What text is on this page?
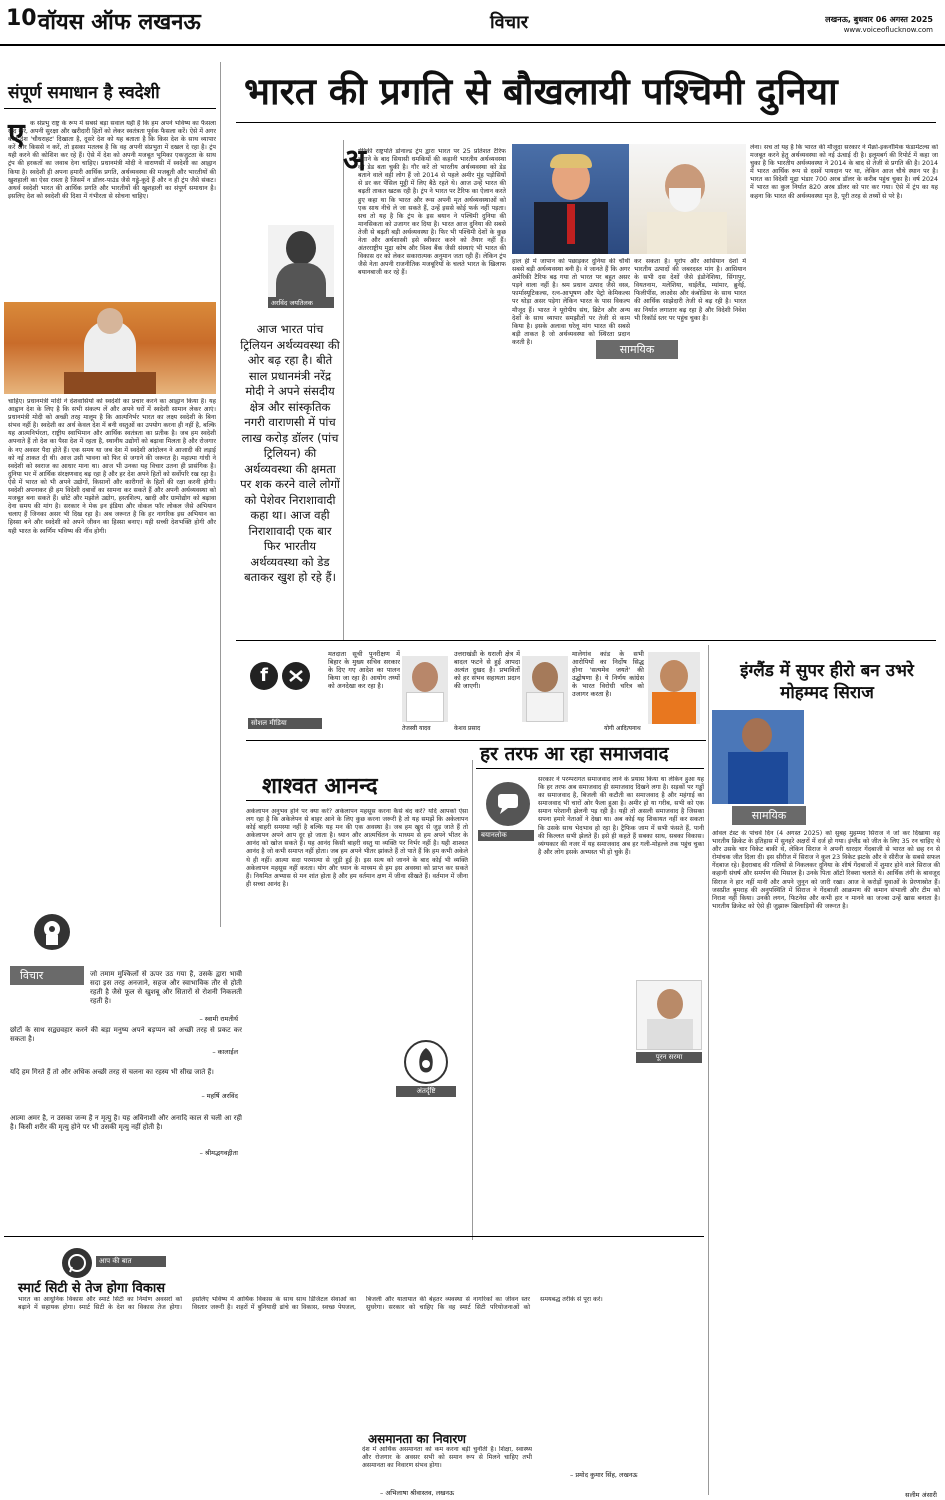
10 वॉयस ऑफ लखनऊ	विचार	लखनऊ, बुधवार 06 अगस्त 2025
www.voiceoflucknow.com
संपूर्ण समाधान है स्वदेशी
ए क संप्रभु राष्ट्र के रूप में सबसे बड़ा सवाल यही है कि हम अपने भविष्य का फैसला खुद करें, अपनी सुरक्षा और खरीदारी हितों को लेकर स्वतंत्रता पूर्वक फैसला करें। ऐसे में अगर कोई देश 'चौधराहट' दिखाता है, दूसरे देश को यह बताता है कि किस देश के साथ व्यापार करें और किससे न करें, तो इसका मतलब है कि वह अपनी संप्रभुता में दखल दे रहा है। ट्रंप यही करने की कोशिश कर रहे हैं। ऐसे में देश को अपनी मजबूत भूमिका एकजुटता के साथ ट्रंप की हरकतों का जवाब देना चाहिए। प्रधानमंत्री मोदी ने वाराणसी में स्वदेशी का आह्वान किया है। स्वदेशी ही अपना हमारी आर्थिक प्रगति, अर्थव्यवस्था की मजबूती और भारतीयों की खुशहाली का ऐसा रास्ता है जिसमें न डॉलर-पाउंड जैसे गड्ढे-कूदे हैं और न ही ट्रंप जैसे संकट। अथर्व स्वदेशी भारत की आर्थिक प्रगति और भारतीयों की खुशहाली का संपूर्ण समाधान है। इसलिए देश को स्वदेशी की दिशा में गंभीरता से सोचना चाहिए।
चाहिए। प्रधानमंत्री मोदी ने देशवासियों को स्वदेशी का प्रचार करने का आह्वान किया है। यह आह्वान देश के लिए है कि सभी संकल्प लें और अपने घरों में स्वदेशी सामान लेकर आएं। प्रधानमंत्री मोदी को अच्छी तरह मालूम है कि आत्मनिर्भर भारत का लक्ष्य स्वदेशी के बिना संभव नहीं है। स्वदेशी का अर्थ केवल देश में बनी वस्तुओं का उपयोग करना ही नहीं है, बल्कि यह आत्मनिर्भरता, राष्ट्रीय स्वाभिमान और आर्थिक स्वतंत्रता का प्रतीक है। जब हम स्वदेशी अपनाते हैं तो देश का पैसा देश में रहता है, स्थानीय उद्योगों को बढ़ावा मिलता है और रोजगार के नए अवसर पैदा होते हैं। एक समय था जब देश में स्वदेशी आंदोलन ने आजादी की लड़ाई को नई ताकत दी थी। आज उसी भावना को फिर से जगाने की जरूरत है। महात्मा गांधी ने स्वदेशी को स्वराज का आधार माना था। आज भी उनका यह विचार उतना ही प्रासंगिक है। दुनिया भर में आर्थिक संरक्षणवाद बढ़ रहा है और हर देश अपने हितों को सर्वोपरि रख रहा है। ऐसे में भारत को भी अपने उद्योगों, किसानों और कारीगरों के हितों की रक्षा करनी होगी। स्वदेशी अपनाकर ही हम विदेशी दबावों का सामना कर सकते हैं और अपनी अर्थव्यवस्था को मजबूत बना सकते हैं। छोटे और मझोले उद्योग, हस्तशिल्प, खादी और ग्रामोद्योग को बढ़ावा देना समय की मांग है। सरकार ने मेक इन इंडिया और वोकल फॉर लोकल जैसे अभियान चलाए हैं जिनका असर भी दिख रहा है। अब जरूरत है कि हर नागरिक इस अभियान का हिस्सा बने और स्वदेशी को अपने जीवन का हिस्सा बनाए। यही सच्ची देशभक्ति होगी और यही भारत के स्वर्णिम भविष्य की नींव होगी।
विचार	जो तमाम मुश्किलों से ऊपर उठ गया है, उसके द्वारा भावी सदा इस तरह अनजाने, सहज और स्वाभाविक तौर से होती रहती है जैसे फूल से खुशबू और सितारों से रोशनी निकलती रहती है।
– स्वामी रामतीर्थ
छोटों के साथ सद्व्यवहार करने की बड़ा मनुष्य अपने बड़प्पन को अच्छी तरह से प्रकट कर सकता है।
– कालाईल
यदि हम गिरते हैं तो और अधिक अच्छी तरह से चलना का रहस्य भी सीख जाते हैं।
– महर्षि अरविंद
आत्मा अमर है, न उसका जन्म है न मृत्यु है। यह अविनाशी और अनादि काल से चली आ रही है। किसी शरीर की मृत्यु होने पर भी उसकी मृत्यु नहीं होती है।
– श्रीमद्भगवद्गीता
भारत की प्रगति से बौखलायी पश्चिमी दुनिया
अरविंद जयतिलक
आज भारत पांच ट्रिलियन अर्थव्यवस्था की ओर बढ़ रहा है। बीते साल प्रधानमंत्री नरेंद्र मोदी ने अपने संसदीय क्षेत्र और सांस्कृतिक नगरी वाराणसी में पांच लाख करोड़ डॉलर (पांच ट्रिलियन) की अर्थव्यवस्था की क्षमता पर शक करने वाले लोगों को पेशेवर निराशावादी कहा था। आज वही निराशावादी एक बार फिर भारतीय अर्थव्यवस्था को डेड बताकर खुश हो रहे हैं।
अ
मेरिकी राष्ट्रपति डोनाल्ड ट्रंप द्वारा भारत पर 25 प्रतिशत टैरिफ लगाने के बाद सियासी धमकियों की कहानी भारतीय अर्थव्यवस्था को डेड बता चुकी है। गौर करें तो भारतीय अर्थव्यवस्था को डेड बताने वाले वही लोग हैं जो 2014 से पहले अमीर मुंह पड़ोसियों से डर कर पेंसिल मुट्ठी में लिए बैठे रहते थे। आज उन्हें भारत की बढ़ती ताकत खटक रही है। ट्रंप ने भारत पर टैरिफ का ऐलान करते हुए कहा था कि भारत और रूस अपनी मृत अर्थव्यवस्थाओं को एक साथ नीचे ले जा सकते हैं, उन्हें इससे कोई फर्क नहीं पड़ता। सच तो यह है कि ट्रंप के इस बयान ने पश्चिमी दुनिया की मानसिकता को उजागर कर दिया है। भारत आज दुनिया की सबसे तेजी से बढ़ती बड़ी अर्थव्यवस्था है। फिर भी पश्चिमी देशों के कुछ नेता और अर्थशास्त्री इसे स्वीकार करने को तैयार नहीं हैं। अंतरराष्ट्रीय मुद्रा कोष और विश्व बैंक जैसी संस्थाएं भी भारत की विकास दर को लेकर सकारात्मक अनुमान जता रही हैं। लेकिन ट्रंप जैसे नेता अपनी राजनीतिक मजबूरियों के चलते भारत के खिलाफ बयानबाजी कर रहे हैं।
हाल ही में जापान को पछाड़कर दुनिया की चौथी सबसे बड़ी अर्थव्यवस्था बनी है। वे जानते हैं कि अगर अमेरिकी टैरिफ बढ़ गया तो भारत पर बहुत असर पड़ने वाला नहीं है। श्रम प्रधान उत्पाद जैसे वस्त्र, फार्मास्यूटिकल्स, रत्न-आभूषण और पेट्रो केमिकल्स पर थोड़ा असर पड़ेगा लेकिन भारत के पास विकल्प मौजूद हैं। भारत ने यूरोपीय संघ, ब्रिटेन और अन्य देशों के साथ व्यापार समझौतों पर तेजी से काम किया है। इसके अलावा घरेलू मांग भारत की सबसे बड़ी ताकत है जो अर्थव्यवस्था को स्थिरता प्रदान करती है।
सामयिक
कर सकता है। यूरोप और आसियान देशों में भारतीय उत्पादों की जबरदस्त मांग है। आसियान के सभी दस देशों जैसे इंडोनेशिया, सिंगापुर, वियतनाम, मलेशिया, थाईलैंड, म्यांमार, ब्रुनेई, फिलीपींस, लाओस और कंबोडिया के साथ भारत की आर्थिक साझेदारी तेजी से बढ़ रही है। भारत का निर्यात लगातार बढ़ रहा है और विदेशी निवेश भी रिकॉर्ड स्तर पर पहुंच चुका है।
लेना। सच तो यह है कि भारत की मौजूदा सरकार ने मैक्रो-इकनॉमिक फंडामेंटल्स को मजबूत करने हेतु अर्थव्यवस्था को नई ऊंचाई दी है। इलूमबर्ग की रिपोर्ट में कहा जा चुका है कि भारतीय अर्थव्यवस्था ने 2014 के बाद से तेजी से प्रगति की है। 2014 में भारत आर्थिक रूप से दसवें पायदान पर था, लेकिन आज चौथे स्थान पर है। भारत का विदेशी मुद्रा भंडार 700 अरब डॉलर के करीब पहुंच चुका है। वर्ष 2024 में भारत का कुल निर्यात 820 अरब डॉलर को पार कर गया। ऐसे में ट्रंप का यह कहना कि भारत की अर्थव्यवस्था मृत है, पूरी तरह से तथ्यों से परे है।
f
सोशल मीडिया
मतदाता सूची पुनरीक्षण में बिहार के मुख्य सचिव सरकार के दिए गए आदेश का पालन किया जा रहा है। आयोग तथ्यों को अनदेखा कर रहा है।
तेजस्वी यादव
उत्तराखंडी के धराली क्षेत्र में बादल फटने से हुई आपदा अत्यंत दुखद है। प्रभावितों को हर संभव सहायता प्रदान की जाएगी।
केशव प्रसाद
मालेगांव कांड के सभी आरोपियों का निर्दोष सिद्ध होना 'सत्यमेव जयते' की उद्घोषणा है। ये निर्णय कांग्रेस के भारत विरोधी चरित्र को उजागर करता है।
योगी आदित्यनाथ
शाश्वत आनन्द
अकेलापन अनुभव होने पर क्या करें? अकेलापन महसूस करना कैसे बंद करें? यदि आपको ऐसा लग रहा है कि अकेलेपन से बाहर आने के लिए कुछ करना जरूरी है तो यह समझें कि अकेलापन कोई बाहरी समस्या नहीं है बल्कि यह मन की एक अवस्था है। जब हम खुद से जुड़ जाते हैं तो अकेलापन अपने आप दूर हो जाता है। ध्यान और आत्मचिंतन के माध्यम से हम अपने भीतर के आनंद को खोज सकते हैं। यह आनंद किसी बाहरी वस्तु या व्यक्ति पर निर्भर नहीं है। यही शाश्वत आनंद है जो कभी समाप्त नहीं होता। जब हम अपने भीतर झांकते हैं तो पाते हैं कि हम कभी अकेले थे ही नहीं। आत्मा सदा परमात्मा से जुड़ी हुई है। इस सत्य को जानने के बाद कोई भी व्यक्ति अकेलापन महसूस नहीं करता। योग और ध्यान के माध्यम से हम इस अवस्था को प्राप्त कर सकते हैं। नियमित अभ्यास से मन शांत होता है और हम वर्तमान क्षण में जीना सीखते हैं। वर्तमान में जीना ही सच्चा आनंद है।
अंतर्दृष्टि
हर तरफ आ रहा समाजवाद
बयानलोक
सरकार ने परम्परागत समाजवाद लाने के प्रयास किया था लेकिन हुआ यह कि हर तरफ अब समाजवाद ही समाजवाद दिखने लगा है। सड़कों पर गड्ढों का समाजवाद है, बिजली की कटौती का समाजवाद है और महंगाई का समाजवाद भी चारों ओर फैला हुआ है। अमीर हो या गरीब, सभी को एक समान परेशानी झेलनी पड़ रही है। यही तो असली समाजवाद है जिसका सपना हमारे नेताओं ने देखा था। अब कोई यह शिकायत नहीं कर सकता कि उसके साथ भेदभाव हो रहा है। ट्रैफिक जाम में सभी फंसते हैं, पानी की किल्लत सभी झेलते हैं। इसे ही कहते हैं सबका साथ, सबका विकास। व्यंग्यकार की नजर में यह समाजवाद अब हर गली-मोहल्ले तक पहुंच चुका है और लोग इसके अभ्यस्त भी हो चुके हैं।
पूरन सरमा
इंग्लैंड में सुपर हीरो बन उभरे मोहम्मद सिराज
सामयिक
ओवल टेस्ट के पांचवें दिन (4 अगस्त 2025) को सुबह मुहम्मद सिराज ने जो कर दिखाया वह भारतीय क्रिकेट के इतिहास में सुनहरे अक्षरों में दर्ज हो गया। इंग्लैंड को जीत के लिए 35 रन चाहिए थे और उसके चार विकेट बाकी थे, लेकिन सिराज ने अपनी धारदार गेंदबाजी से भारत को छह रन से रोमांचक जीत दिला दी। इस सीरीज में सिराज ने कुल 23 विकेट झटके और वे सीरीज के सबसे सफल गेंदबाज रहे। हैदराबाद की गलियों से निकलकर दुनिया के शीर्ष गेंदबाजों में शुमार होने वाले सिराज की कहानी संघर्ष और समर्पण की मिसाल है। उनके पिता ऑटो रिक्शा चलाते थे। आर्थिक तंगी के बावजूद सिराज ने हार नहीं मानी और अपने जुनून को जारी रखा। आज वे करोड़ों युवाओं के प्रेरणास्रोत हैं। जसप्रीत बुमराह की अनुपस्थिति में सिराज ने गेंदबाजी आक्रमण की कमान संभाली और टीम को निराश नहीं किया। उनकी लगन, फिटनेस और कभी हार न मानने का जज्बा उन्हें खास बनाता है। भारतीय क्रिकेट को ऐसे ही जुझारू खिलाड़ियों की जरूरत है।
सलीम अंसारी
आप की बात
स्मार्ट सिटी से तेज होगा विकास
भारत का आधुनिक विकास और स्मार्ट सिटी का निर्माण अवसरों को बढ़ाने में सहायक होगा। स्मार्ट सिटी के देश का विकास तेज होगा। इसलिए भविष्य में आर्थिक विकास के साथ साथ डिजिटल सेवाओं का विस्तार जरूरी है। शहरों में बुनियादी ढांचे का विकास, स्वच्छ पेयजल, बिजली और यातायात की बेहतर व्यवस्था से नागरिकों का जीवन स्तर सुधरेगा। सरकार को चाहिए कि वह स्मार्ट सिटी परियोजनाओं को समयबद्ध तरीके से पूरा करे।
– प्रमोद कुमार सिंह, लखनऊ
असमानता का निवारण
देश में आर्थिक असमानता को कम करना बड़ी चुनौती है। शिक्षा, स्वास्थ्य और रोजगार के अवसर सभी को समान रूप से मिलने चाहिए तभी असमानता का निवारण संभव होगा।
– अभिलाषा श्रीवास्तव, लखनऊ
